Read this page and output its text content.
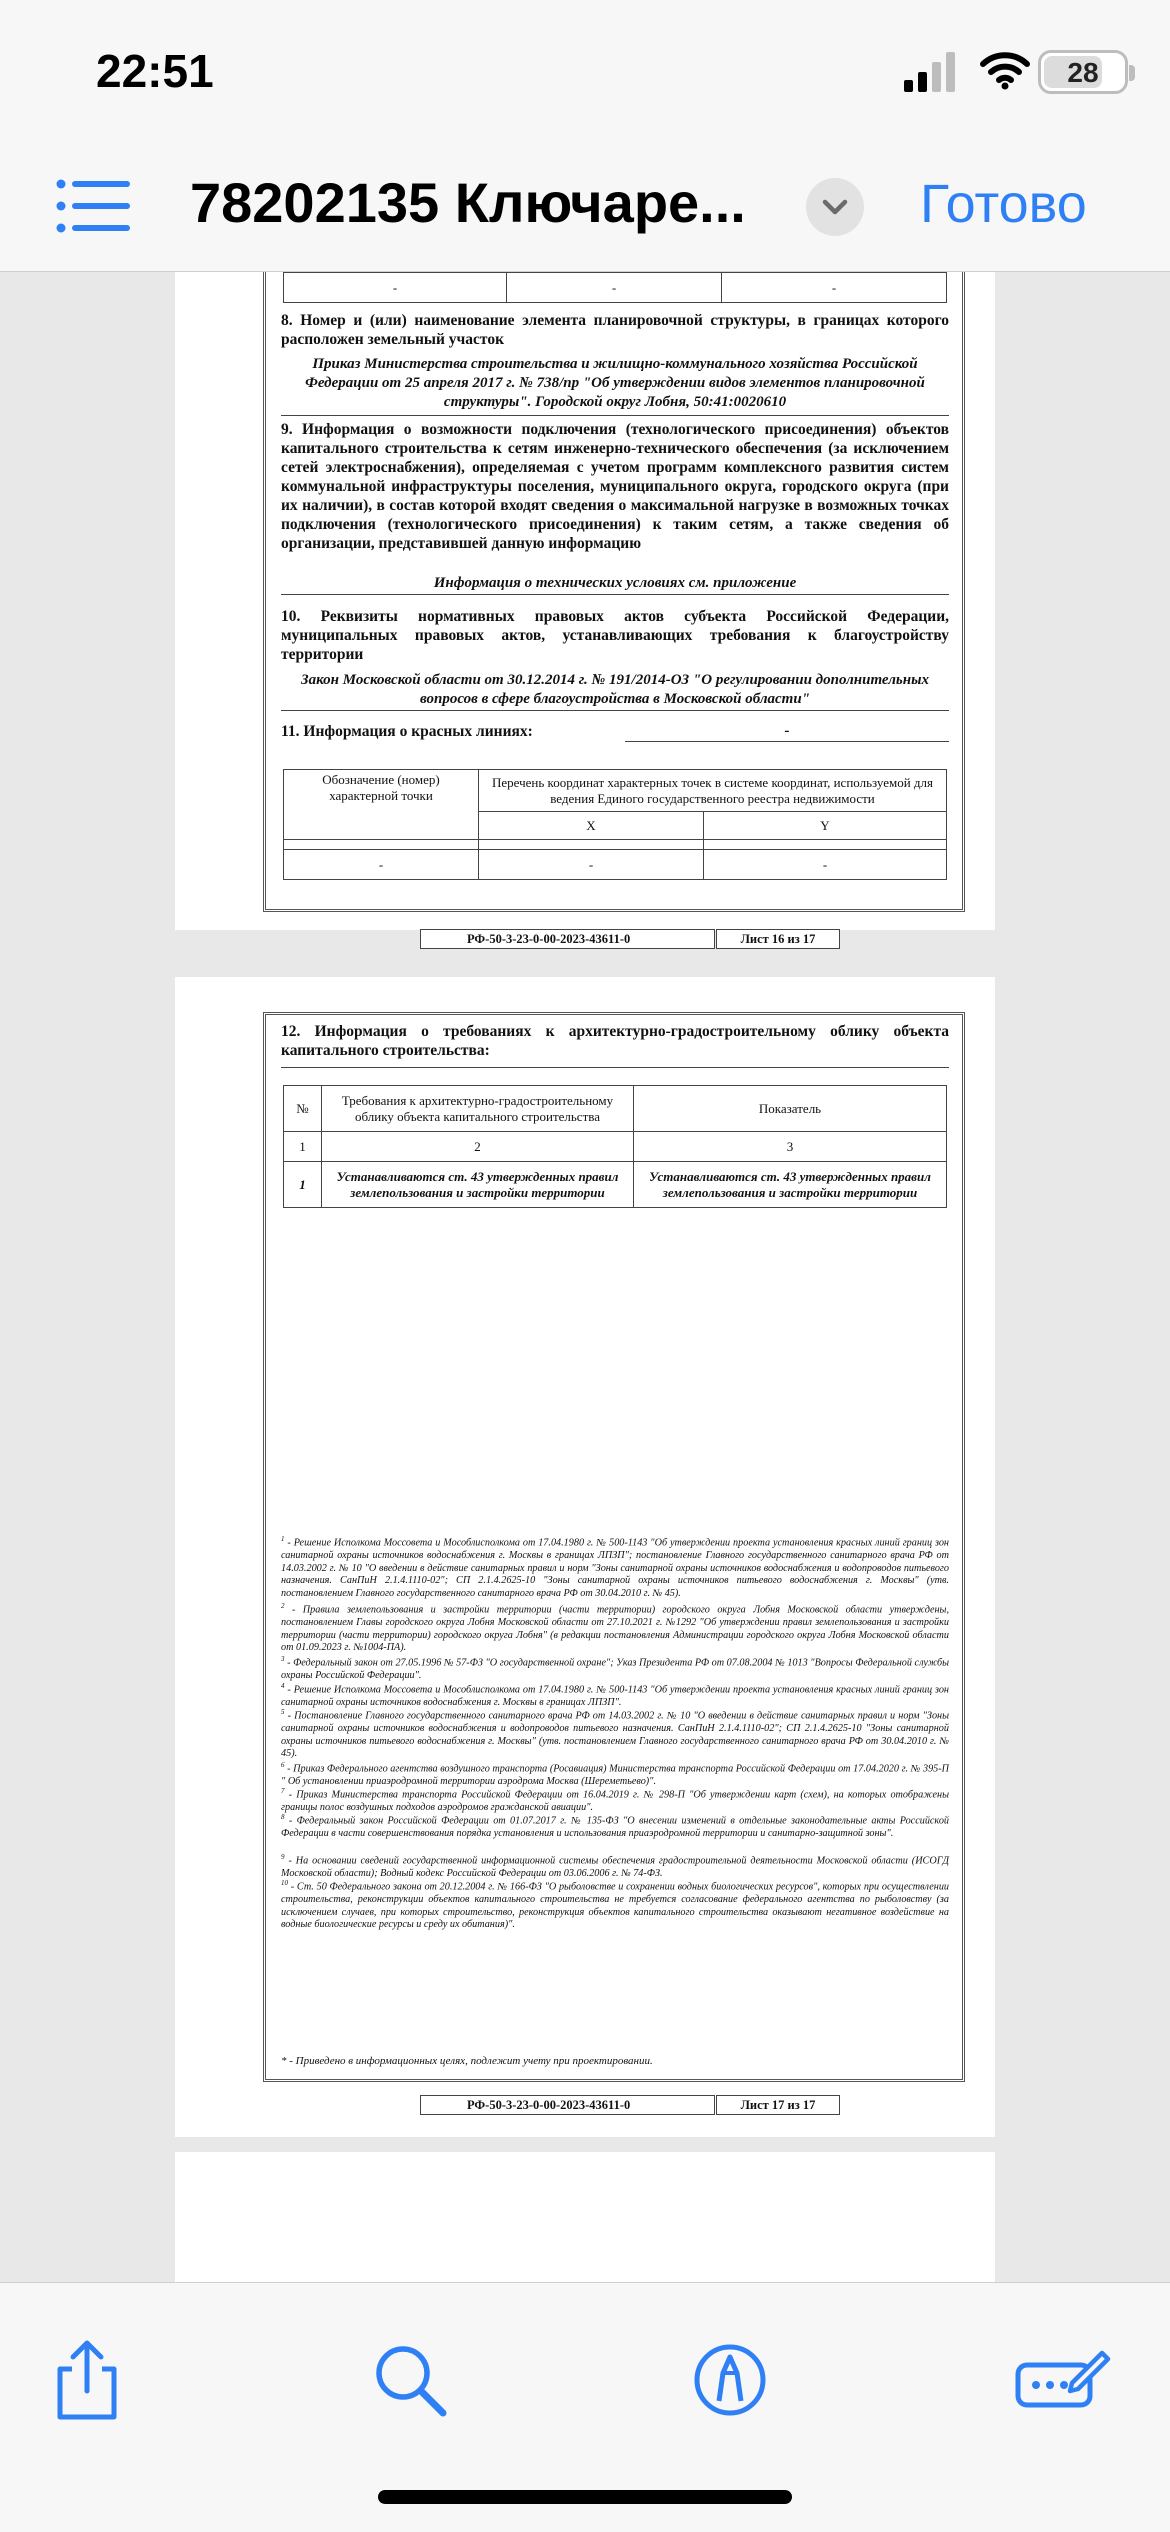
22:51	28
78202135 Ключаре...	Готово
-	-	-
8. Номер и (или) наименование элемента планировочной структуры, в границах которого расположен земельный участок
Приказ Министерства строительства и жилищно-коммунального хозяйства Российской Федерации от 25 апреля 2017 г. № 738/пр "Об утверждении видов элементов планировочной структуры". Городской округ Лобня, 50:41:0020610
9. Информация о возможности подключения (технологического присоединения) объектов капитального строительства к сетям инженерно-технического обеспечения (за исключением сетей электроснабжения), определяемая с учетом программ комплексного развития систем коммунальной инфраструктуры поселения, муниципального округа, городского округа (при их наличии), в состав которой входят сведения о максимальной нагрузке в возможных точках подключения (технологического присоединения) к таким сетям, а также сведения об организации, представившей данную информацию
Информация о технических условиях см. приложение
10. Реквизиты нормативных правовых актов субъекта Российской Федерации, муниципальных правовых актов, устанавливающих требования к благоустройству территории
Закон Московской области от 30.12.2014 г. № 191/2014-ОЗ "О регулировании дополнительных вопросов в сфере благоустройства в Московской области"
11. Информация о красных линиях:	-
Обозначение (номер) характерной точки	Перечень координат характерных точек в системе координат, используемой для ведения Единого государственного реестра недвижимости	
	X	Y

-	-	-
РФ-50-3-23-0-00-2023-43611-0	Лист 16 из 17
12. Информация о требованиях к архитектурно-градостроительному облику объекта капитального строительства:
№	Требования к архитектурно-градостроительному облику объекта капитального строительства	Показатель
1	2	3
1	Устанавливаются ст. 43 утвержденных правил землепользования и застройки территории	Устанавливаются ст. 43 утвержденных правил землепользования и застройки территории
$^1$ - Решение Исполкома Моссовета и Мособлисполкома от 17.04.1980 г. № 500-1143 "Об утверждении проекта установления красных линий границ зон санитарной охраны источников водоснабжения г. Москвы в границах ЛПЗП"; постановление Главного государственного санитарного врача РФ от 14.03.2002 г. № 10 "О введении в действие санитарных правил и норм "Зоны санитарной охраны источников водоснабжения и водопроводов питьевого назначения. СанПиН 2.1.4.1110-02"; СП 2.1.4.2625-10 "Зоны санитарной охраны источников питьевого водоснабжения г. Москвы" (утв. постановлением Главного государственного санитарного врача РФ от 30.04.2010 г. № 45).
$^2$ - Правила землепользования и застройки территории (части территории) городского округа Лобня Московской области утверждены, постановлением Главы городского округа Лобня Московской области от 27.10.2021 г. №1292 "Об утверждении правил землепользования и застройки территории (части территории) городского округа Лобня" (в редакции постановления Администрации городского округа Лобня Московской области от 01.09.2023 г. №1004-ПА).
$^3$ - Федеральный закон от 27.05.1996 № 57-ФЗ "О государственной охране"; Указ Президента РФ от 07.08.2004 № 1013 "Вопросы Федеральной службы охраны Российской Федерации".
$^4$ - Решение Исполкома Моссовета и Мособлисполкома от 17.04.1980 г. № 500-1143 "Об утверждении проекта установления красных линий границ зон санитарной охраны источников водоснабжения г. Москвы в границах ЛПЗП".
$^5$ - Постановление Главного государственного санитарного врача РФ от 14.03.2002 г. № 10 "О введении в действие санитарных правил и норм "Зоны санитарной охраны источников водоснабжения и водопроводов питьевого назначения. СанПиН 2.1.4.1110-02"; СП 2.1.4.2625-10 "Зоны санитарной охраны источников питьевого водоснабжения г. Москвы" (утв. постановлением Главного государственного санитарного врача РФ от 30.04.2010 г. № 45).
$^6$ - Приказ Федерального агентства воздушного транспорта (Росавиация) Министерства транспорта Российской Федерации от 17.04.2020 г. № 395-П " Об установлении приаэродромной территории аэродрома Москва (Шереметьево)".
$^7$ - Приказ Министерства транспорта Российской Федерации от 16.04.2019 г. № 298-П "Об утверждении карт (схем), на которых отображены границы полос воздушных подходов аэродромов гражданской авиации".
$^8$ - Федеральный закон Российской Федерации от 01.07.2017 г. № 135-ФЗ "О внесении изменений в отдельные законодательные акты Российской Федерации в части совершенствования порядка установления и использования приаэродромной территории и санитарно-защитной зоны".
$^9$ - На основании сведений государственной информационной системы обеспечения градостроительной деятельности Московской области (ИСОГД Московской области); Водный кодекс Российской Федерации от 03.06.2006 г. № 74-ФЗ.
$^{10}$ - Ст. 50 Федерального закона от 20.12.2004 г. № 166-ФЗ "О рыболовстве и сохранении водных биологических ресурсов", которых при осуществлении строительства, реконструкции объектов капитального строительства не требуется согласование федерального агентства по рыболовству (за исключением случаев, при которых строительство, реконструкция объектов капитального строительства оказывают негативное воздействие на водные биологические ресурсы и среду их обитания)".
* - Приведено в информационных целях, подлежит учету при проектировании.
РФ-50-3-23-0-00-2023-43611-0	Лист 17 из 17
